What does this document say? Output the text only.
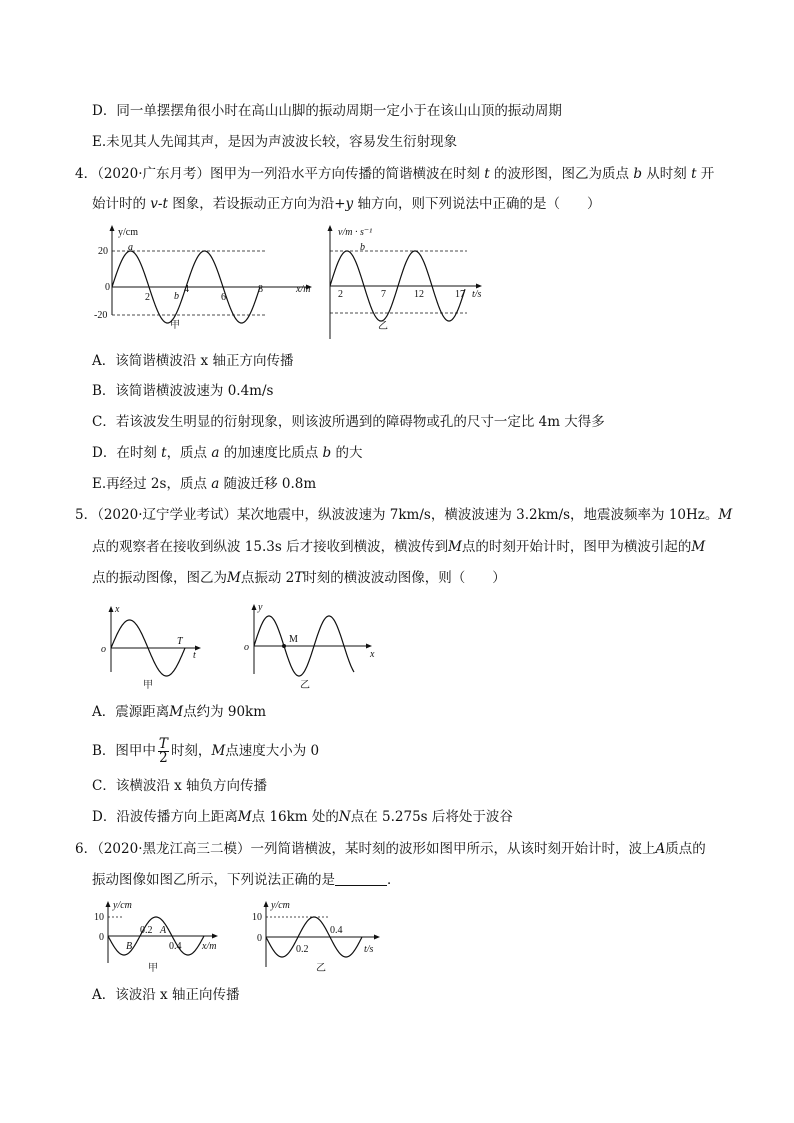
D．同一单摆摆角很小时在高山山脚的振动周期一定小于在该山山顶的振动周期
E.未见其人先闻其声，是因为声波波长较，容易发生衍射现象
4．（2020·广东月考）图甲为一列沿水平方向传播的简谐横波在时刻 t 的波形图，图乙为质点 b 从时刻 t 开
始计时的 v-t 图象，若设振动正方向为沿+y 轴方向，则下列说法中正确的是（　　）
y/cm
20
0
-20
2
4
6
8	x/m
a
b
甲
v/m · s⁻¹
2	7	12	17 t/s
b
乙
A．该简谐横波沿 x 轴正方向传播
B．该简谐横波波速为 0.4m/s
C．若该波发生明显的衍射现象，则该波所遇到的障碍物或孔的尺寸一定比 4m 大得多
D．在时刻 t，质点 a 的加速度比质点 b 的大
E.再经过 2s，质点 a 随波迁移 0.8m
5．（2020·辽宁学业考试）某次地震中，纵波波速为 7km/s，横波波速为 3.2km/s，地震波频率为 10Hz。M
点的观察者在接收到纵波 15.3s 后才接收到横波，横波传到M点的时刻开始计时，图甲为横波引起的M
点的振动图像，图乙为M点振动 2T时刻的横波波动图像，则（　　）
x
o
T
t
甲
y
o
M
x
乙
A．震源距离M点约为 90km
B．图甲中 $\frac{T}{2}$ 时刻，M点速度大小为 0
C．该横波沿 x 轴负方向传播
D．沿波传播方向上距离M点 16km 处的N点在 5.275s 后将处于波谷
6．（2020·黑龙江高三二模）一列简谐横波，某时刻的波形如图甲所示，从该时刻开始计时，波上A质点的
振动图像如图乙所示，下列说法正确的是	．
y/cm
10
0
0.2
0.4
B
A
x/m
甲
y/cm
10
0
0.2
0.4
t/s
乙
A．该波沿 x 轴正向传播
